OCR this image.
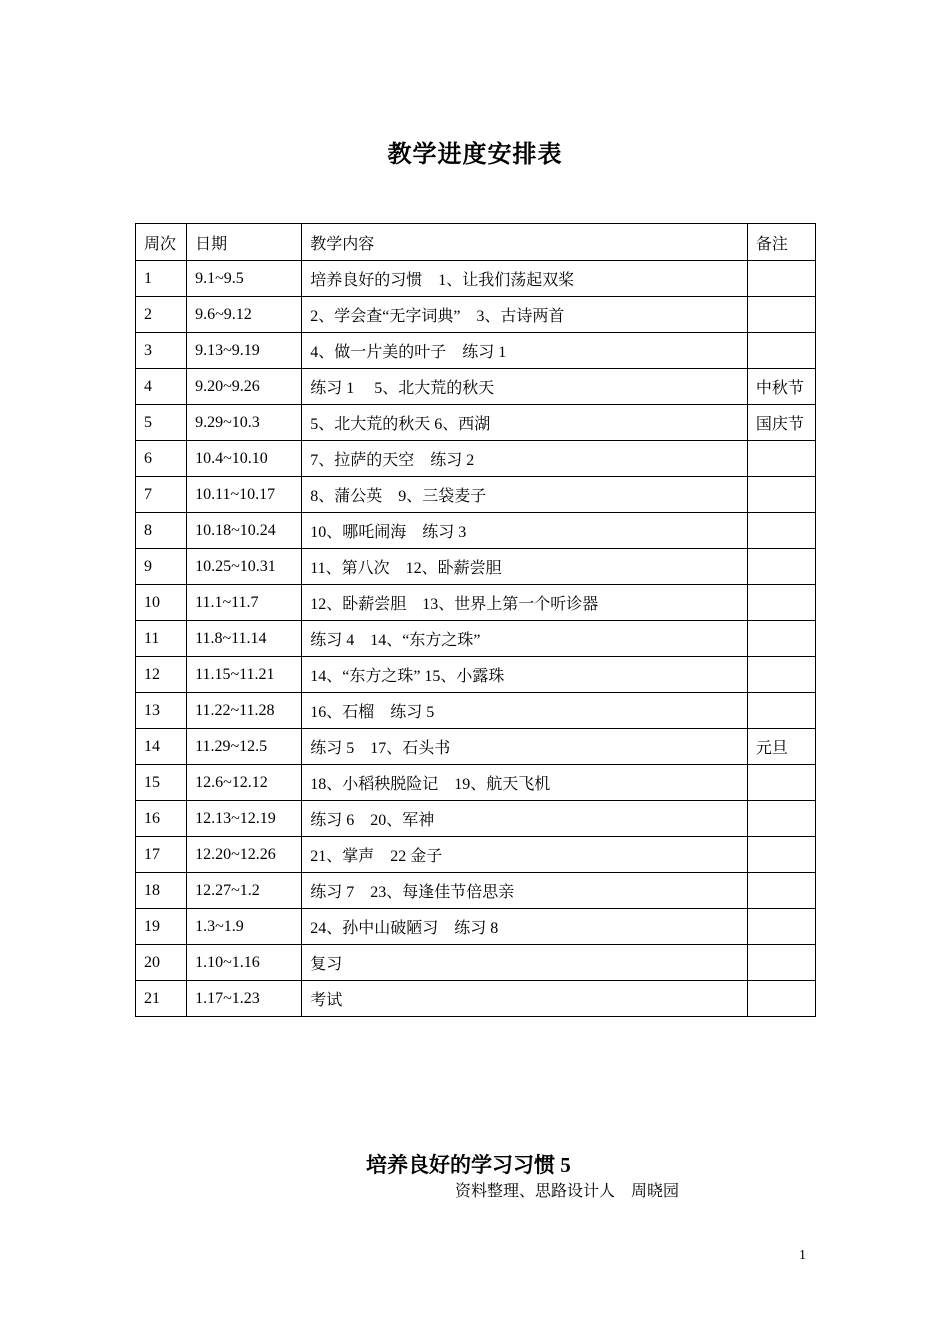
教学进度安排表
周次	日期	教学内容	备注
1	9.1~9.5	培养良好的习惯　1、让我们荡起双桨	
2	9.6~9.12	2、学会查“无字词典”　3、古诗两首	
3	9.13~9.19	4、做一片美的叶子　练习 1	
4	9.20~9.26	练习 1　 5、北大荒的秋天	中秋节
5	9.29~10.3	5、北大荒的秋天 6、西湖	国庆节
6	10.4~10.10	7、拉萨的天空　练习 2	
7	10.11~10.17	8、蒲公英　9、三袋麦子	
8	10.18~10.24	10、哪吒闹海　练习 3	
9	10.25~10.31	11、第八次　12、卧薪尝胆	
10	11.1~11.7	12、卧薪尝胆　13、世界上第一个听诊器	
11	11.8~11.14	练习 4　14、“东方之珠”	
12	11.15~11.21	14、“东方之珠” 15、小露珠	
13	11.22~11.28	16、石榴　练习 5	
14	11.29~12.5	练习 5　17、石头书	元旦
15	12.6~12.12	18、小稻秧脱险记　19、航天飞机	
16	12.13~12.19	练习 6　20、军神	
17	12.20~12.26	21、掌声　22 金子	
18	12.27~1.2	练习 7　23、每逢佳节倍思亲	
19	1.3~1.9	24、孙中山破陋习　练习 8	
20	1.10~1.16	复习	
21	1.17~1.23	考试	
培养良好的学习习惯 5
资料整理、思路设计人　周晓园
1
